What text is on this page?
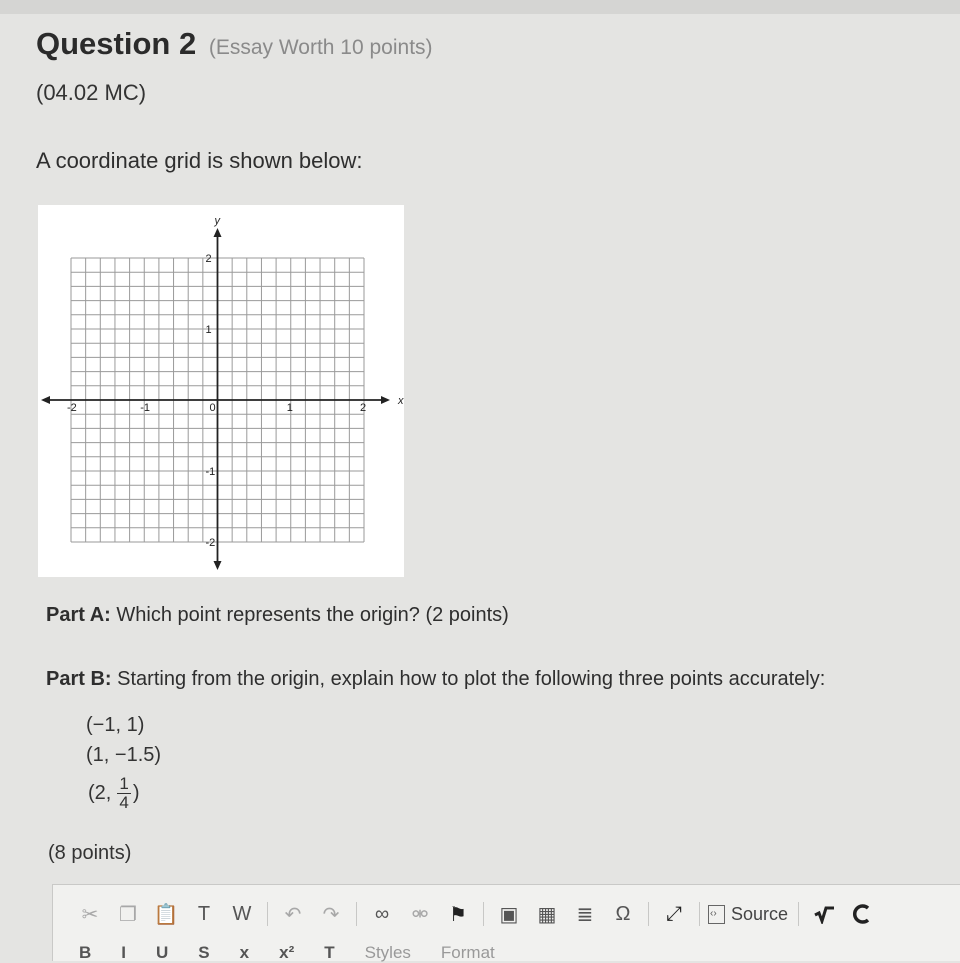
Question 2 (Essay Worth 10 points)
(04.02 MC)
A coordinate grid is shown below:
x
y
-2	-1	0	1	2
2
1
-1
-2
Part A: Which point represents the origin? (2 points)
Part B: Starting from the origin, explain how to plot the following three points accurately:
(−1, 1)
(1, −1.5)
(2, $\frac{1}{4}$ )
(8 points)
✂	❐ 📋 T	W	↶	↷	∞	⚮	⚑	▣ ▦	≣	Ω	⤢
‹›	Source
B I U S x x² T Styles Format
